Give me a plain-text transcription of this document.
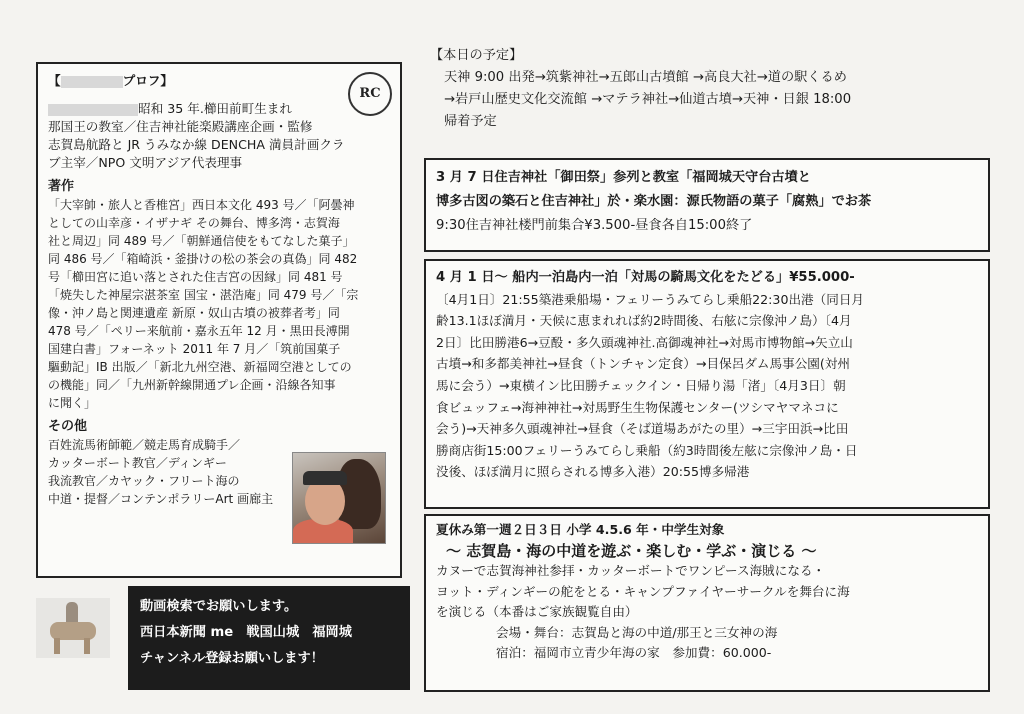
【	プロフ】
RC
昭和 35 年.櫛田前町生まれ
那国王の教室／住吉神社能楽殿講座企画・監修
志賀島航路と JR うみなか線 DENCHA 満員計画クラ
ブ主宰／NPO 文明アジア代表理事
著作
「大宰帥・旅人と香椎宮」西日本文化 493 号／「阿曇神
としての山幸彦・イザナギ その舞台、博多湾・志賀海
社と周辺」同 489 号／「朝鮮通信使をもてなした菓子」
同 486 号／「箱崎浜・釜掛けの松の茶会の真偽」同 482
号「櫛田宮に追い落とされた住吉宮の因縁」同 481 号
「焼失した神屋宗湛茶室 国宝・湛浩庵」同 479 号／「宗
像・沖ノ島と関連遺産 新原・奴山古墳の被葬者考」同
478 号／「ペリー来航前・嘉永五年 12 月・黒田長溥開
国建白書」フォーネット 2011 年 7 月／「筑前国菓子
驅動記」IB 出版／「新北九州空港、新福岡空港としての
の機能」同／「九州新幹線開通プレ企画・沿線各知事
に聞く」
その他
百姓流馬術師範／競走馬育成騎手／
カッターボート教官／ディンギー
我流教官／カヤック・フリート海の
中道・提督／コンテンポラリーArt 画廊主
動画検索でお願いします。
西日本新聞 me　戦国山城　福岡城
チャンネル登録お願いします！
【本日の予定】
天神 9:00 出発→筑紫神社→五郎山古墳館 →高良大社→道の駅くるめ
→岩戸山歴史文化交流館 →マテラ神社→仙道古墳→天神・日銀 18:00
帰着予定
3 月 7 日住吉神社「御田祭」参列と教室「福岡城天守台古墳と
博多古図の築石と住吉神社」於・楽水園：源氏物語の菓子「腐熟」でお茶
9:30住吉神社楼門前集合¥3.500-昼食各自15:00終了
4 月 1 日～ 船内一泊島内一泊「対馬の騎馬文化をたどる」¥55.000-
〔4月1日〕21:55築港乗船場・フェリーうみてらし乗船22:30出港（同日月
齢13.1ほぼ満月・天候に恵まれれば約2時間後、右舷に宗像沖ノ島）〔4月
2日〕比田勝港6→豆酘・多久頭魂神社.高御魂神社→対馬市博物館→矢立山
古墳→和多都美神社→昼食（トンチャン定食）→目保呂ダム馬事公園(対州
馬に会う）→東横イン比田勝チェックイン・日帰り湯「渚」〔4月3日〕朝
食ビュッフェ→海神神社→対馬野生生物保護センター(ツシマヤマネコに
会う)→天神多久頭魂神社→昼食（そば道場あがたの里）→三宇田浜→比田
勝商店街15:00フェリーうみてらし乗船（約3時間後左舷に宗像沖ノ島・日
没後、ほぼ満月に照らされる博多入港）20:55博多帰港
夏休み第一週２日３日 小学 4.5.6 年・中学生対象
～ 志賀島・海の中道を遊ぶ・楽しむ・学ぶ・演じる ～
カヌーで志賀海神社参拝・カッターボートでワンピース海賊になる・
ヨット・ディンギーの舵をとる・キャンプファイヤーサークルを舞台に海
を演じる（本番はご家族観覧自由）
会場・舞台：志賀島と海の中道/那王と三女神の海
宿泊：福岡市立青少年海の家　参加費：60.000-
